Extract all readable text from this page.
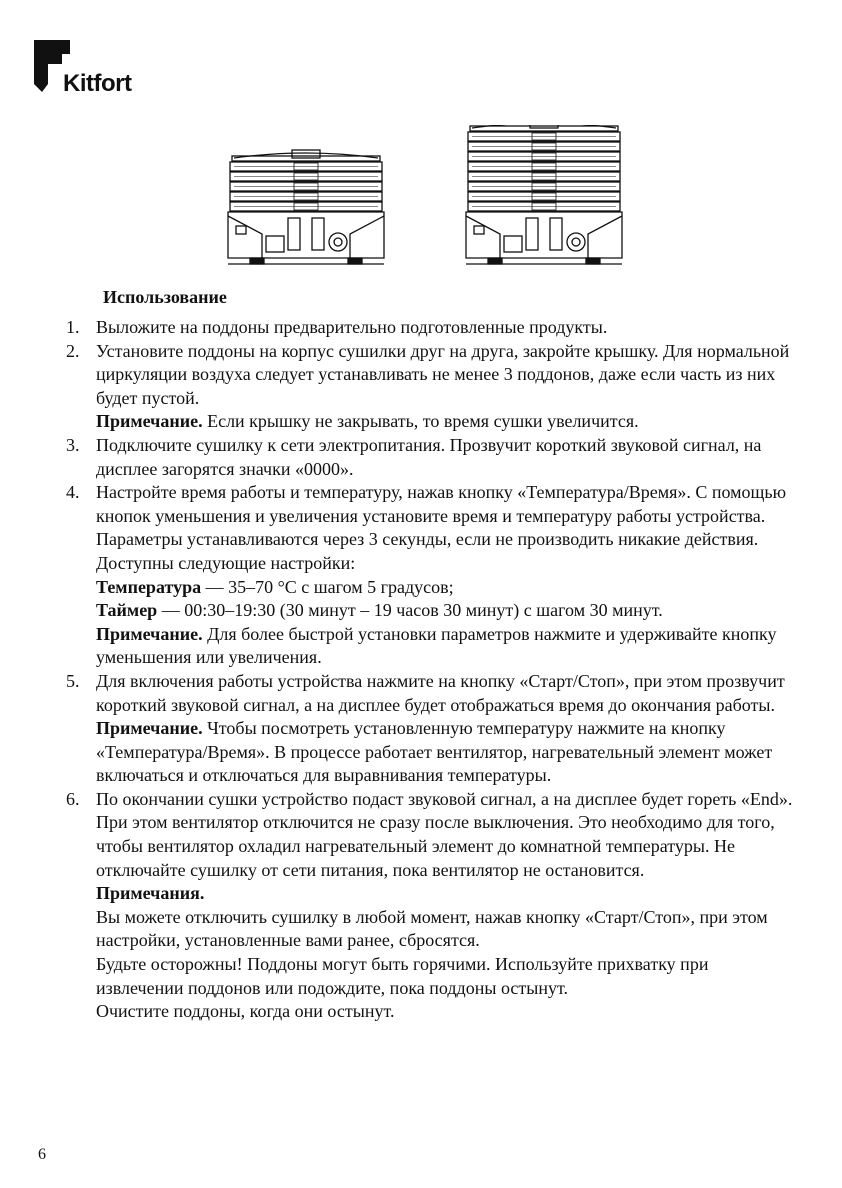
Kitfort
Использование
1. Выложите на поддоны предварительно подготовленные продукты.

2. Установите поддоны на корпус сушилки друг на друга, закройте крышку. Для нормальной циркуляции воздуха следует устанавливать не менее 3 поддонов, даже если часть из них будет пустой.

Примечание. Если крышку не закрывать, то время сушки увеличится.

3. Подключите сушилку к сети электропитания. Прозвучит короткий звуковой сигнал, на дисплее загорятся значки «0000».

4. Настройте время работы и температуру, нажав кнопку «Температура/Время». С помощью кнопок уменьшения и увеличения установите время и температуру работы устройства. Параметры устанавливаются через 3 секунды, если не производить никакие действия.

Доступны следующие настройки:

Температура — 35–70 °C с шагом 5 градусов;

Таймер — 00:30–19:30 (30 минут – 19 часов 30 минут) с шагом 30 минут.

Примечание. Для более быстрой установки параметров нажмите и удерживайте кнопку уменьшения или увеличения.

5. Для включения работы устройства нажмите на кнопку «Старт/Стоп», при этом прозвучит короткий звуковой сигнал, а на дисплее будет отображаться время до окончания работы.

Примечание. Чтобы посмотреть установленную температуру нажмите на кнопку «Температура/Время». В процессе работает вентилятор, нагревательный элемент может включаться и отключаться для выравнивания температуры.

6. По окончании сушки устройство подаст звуковой сигнал, а на дисплее будет гореть «End». При этом вентилятор отключится не сразу после выключения. Это необходимо для того, чтобы вентилятор охладил нагревательный элемент до комнатной температуры. Не отключайте сушилку от сети питания, пока вентилятор не остановится.

Примечания.

Вы можете отключить сушилку в любой момент, нажав кнопку «Старт/Стоп», при этом настройки, установленные вами ранее, сбросятся.

Будьте осторожны! Поддоны могут быть горячими. Используйте прихватку при извлечении поддонов или подождите, пока поддоны остынут.

Очистите поддоны, когда они остынут.

6
